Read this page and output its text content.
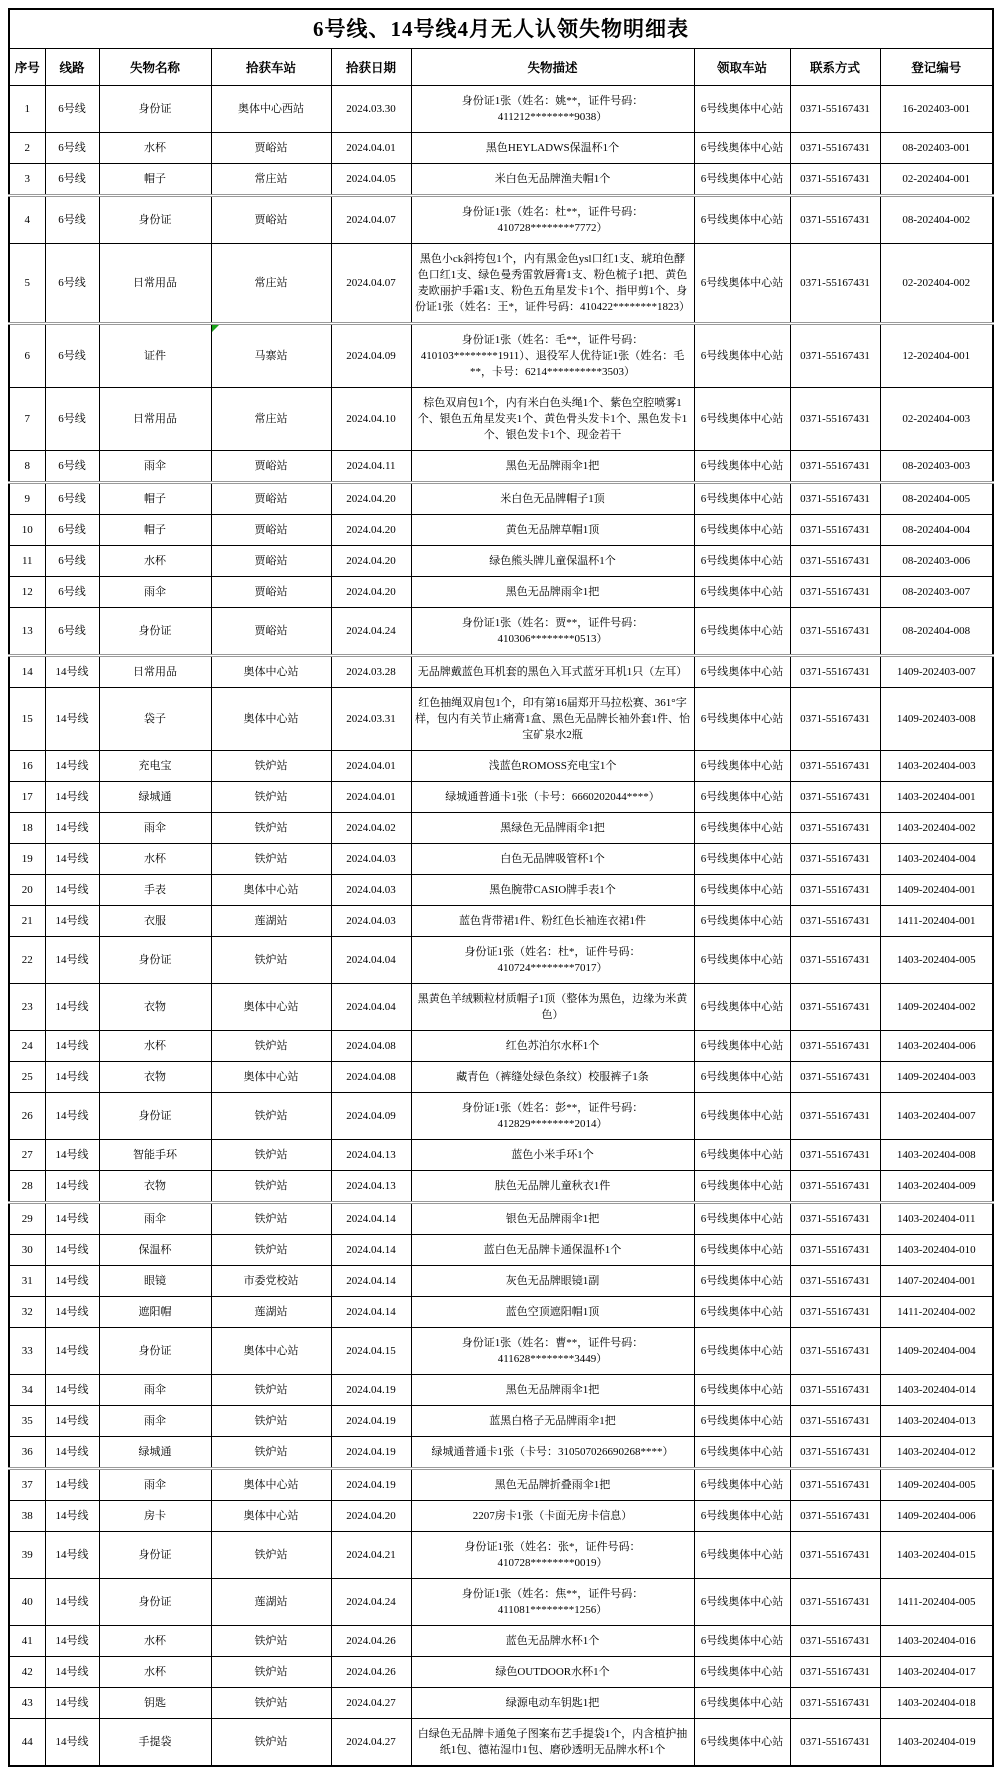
6号线、14号线4月无人认领失物明细表								
序号	线路	失物名称	拾获车站	拾获日期	失物描述	领取车站	联系方式	登记编号
1	6号线	身份证	奥体中心西站	2024.03.30	身份证1张（姓名：姚**，证件号码：411212********9038）	6号线奥体中心站	0371-55167431	16-202403-001
2	6号线	水杯	贾峪站	2024.04.01	黑色HEYLADWS保温杯1个	6号线奥体中心站	0371-55167431	08-202403-001
3	6号线	帽子	常庄站	2024.04.05	米白色无品牌渔夫帽1个	6号线奥体中心站	0371-55167431	02-202404-001
4	6号线	身份证	贾峪站	2024.04.07	身份证1张（姓名：杜**，证件号码：410728********7772）	6号线奥体中心站	0371-55167431	08-202404-002
5	6号线	日常用品	常庄站	2024.04.07	黑色小ck斜挎包1个，内有黑金色ysl口红1支、琥珀色酵色口红1支、绿色曼秀雷敦唇膏1支、粉色梳子1把、黄色麦欧丽护手霜1支、粉色五角星发卡1个、指甲剪1个、身份证1张（姓名：王*，证件号码：410422********1823）	6号线奥体中心站	0371-55167431	02-202404-002
6	6号线	证件	马寨站	2024.04.09	身份证1张（姓名：毛**，证件号码：410103********1911）、退役军人优待证1张（姓名：毛**，卡号：6214**********3503）	6号线奥体中心站	0371-55167431	12-202404-001
7	6号线	日常用品	常庄站	2024.04.10	棕色双肩包1个，内有米白色头绳1个、紫色空腔喷雾1个、银色五角星发夹1个、黄色骨头发卡1个、黑色发卡1个、银色发卡1个、现金若干	6号线奥体中心站	0371-55167431	02-202404-003
8	6号线	雨伞	贾峪站	2024.04.11	黑色无品牌雨伞1把	6号线奥体中心站	0371-55167431	08-202403-003
9	6号线	帽子	贾峪站	2024.04.20	米白色无品牌帽子1顶	6号线奥体中心站	0371-55167431	08-202404-005
10	6号线	帽子	贾峪站	2024.04.20	黄色无品牌草帽1顶	6号线奥体中心站	0371-55167431	08-202404-004
11	6号线	水杯	贾峪站	2024.04.20	绿色熊头牌儿童保温杯1个	6号线奥体中心站	0371-55167431	08-202403-006
12	6号线	雨伞	贾峪站	2024.04.20	黑色无品牌雨伞1把	6号线奥体中心站	0371-55167431	08-202403-007
13	6号线	身份证	贾峪站	2024.04.24	身份证1张（姓名：贾**，证件号码：410306********0513）	6号线奥体中心站	0371-55167431	08-202404-008
14	14号线	日常用品	奥体中心站	2024.03.28	无品牌戴蓝色耳机套的黑色入耳式蓝牙耳机1只（左耳）	6号线奥体中心站	0371-55167431	1409-202403-007
15	14号线	袋子	奥体中心站	2024.03.31	红色抽绳双肩包1个，印有第16届郑开马拉松赛、361°字样，包内有关节止痛膏1盒、黑色无品牌长袖外套1件、怡宝矿泉水2瓶	6号线奥体中心站	0371-55167431	1409-202403-008
16	14号线	充电宝	铁炉站	2024.04.01	浅蓝色ROMOSS充电宝1个	6号线奥体中心站	0371-55167431	1403-202404-003
17	14号线	绿城通	铁炉站	2024.04.01	绿城通普通卡1张（卡号：6660202044****）	6号线奥体中心站	0371-55167431	1403-202404-001
18	14号线	雨伞	铁炉站	2024.04.02	黑绿色无品牌雨伞1把	6号线奥体中心站	0371-55167431	1403-202404-002
19	14号线	水杯	铁炉站	2024.04.03	白色无品牌吸管杯1个	6号线奥体中心站	0371-55167431	1403-202404-004
20	14号线	手表	奥体中心站	2024.04.03	黑色腕带CASIO牌手表1个	6号线奥体中心站	0371-55167431	1409-202404-001
21	14号线	衣服	莲湖站	2024.04.03	蓝色背带裙1件、粉红色长袖连衣裙1件	6号线奥体中心站	0371-55167431	1411-202404-001
22	14号线	身份证	铁炉站	2024.04.04	身份证1张（姓名：杜*，证件号码：410724********7017）	6号线奥体中心站	0371-55167431	1403-202404-005
23	14号线	衣物	奥体中心站	2024.04.04	黑黄色羊绒颗粒材质帽子1顶（整体为黑色，边缘为米黄色）	6号线奥体中心站	0371-55167431	1409-202404-002
24	14号线	水杯	铁炉站	2024.04.08	红色苏泊尔水杯1个	6号线奥体中心站	0371-55167431	1403-202404-006
25	14号线	衣物	奥体中心站	2024.04.08	藏青色（裤缝处绿色条纹）校服裤子1条	6号线奥体中心站	0371-55167431	1409-202404-003
26	14号线	身份证	铁炉站	2024.04.09	身份证1张（姓名：彭**，证件号码：412829********2014）	6号线奥体中心站	0371-55167431	1403-202404-007
27	14号线	智能手环	铁炉站	2024.04.13	蓝色小米手环1个	6号线奥体中心站	0371-55167431	1403-202404-008
28	14号线	衣物	铁炉站	2024.04.13	肤色无品牌儿童秋衣1件	6号线奥体中心站	0371-55167431	1403-202404-009
29	14号线	雨伞	铁炉站	2024.04.14	银色无品牌雨伞1把	6号线奥体中心站	0371-55167431	1403-202404-011
30	14号线	保温杯	铁炉站	2024.04.14	蓝白色无品牌卡通保温杯1个	6号线奥体中心站	0371-55167431	1403-202404-010
31	14号线	眼镜	市委党校站	2024.04.14	灰色无品牌眼镜1副	6号线奥体中心站	0371-55167431	1407-202404-001
32	14号线	遮阳帽	莲湖站	2024.04.14	蓝色空顶遮阳帽1顶	6号线奥体中心站	0371-55167431	1411-202404-002
33	14号线	身份证	奥体中心站	2024.04.15	身份证1张（姓名：曹**，证件号码：411628********3449）	6号线奥体中心站	0371-55167431	1409-202404-004
34	14号线	雨伞	铁炉站	2024.04.19	黑色无品牌雨伞1把	6号线奥体中心站	0371-55167431	1403-202404-014
35	14号线	雨伞	铁炉站	2024.04.19	蓝黑白格子无品牌雨伞1把	6号线奥体中心站	0371-55167431	1403-202404-013
36	14号线	绿城通	铁炉站	2024.04.19	绿城通普通卡1张（卡号：310507026690268****）	6号线奥体中心站	0371-55167431	1403-202404-012
37	14号线	雨伞	奥体中心站	2024.04.19	黑色无品牌折叠雨伞1把	6号线奥体中心站	0371-55167431	1409-202404-005
38	14号线	房卡	奥体中心站	2024.04.20	2207房卡1张（卡面无房卡信息）	6号线奥体中心站	0371-55167431	1409-202404-006
39	14号线	身份证	铁炉站	2024.04.21	身份证1张（姓名：张*，证件号码：410728********0019）	6号线奥体中心站	0371-55167431	1403-202404-015
40	14号线	身份证	莲湖站	2024.04.24	身份证1张（姓名：焦**，证件号码：411081********1256）	6号线奥体中心站	0371-55167431	1411-202404-005
41	14号线	水杯	铁炉站	2024.04.26	蓝色无品牌水杯1个	6号线奥体中心站	0371-55167431	1403-202404-016
42	14号线	水杯	铁炉站	2024.04.26	绿色OUTDOOR水杯1个	6号线奥体中心站	0371-55167431	1403-202404-017
43	14号线	钥匙	铁炉站	2024.04.27	绿源电动车钥匙1把	6号线奥体中心站	0371-55167431	1403-202404-018
44	14号线	手提袋	铁炉站	2024.04.27	白绿色无品牌卡通兔子图案布艺手提袋1个，内含植护抽纸1包、德祐湿巾1包、磨砂透明无品牌水杯1个	6号线奥体中心站	0371-55167431	1403-202404-019
